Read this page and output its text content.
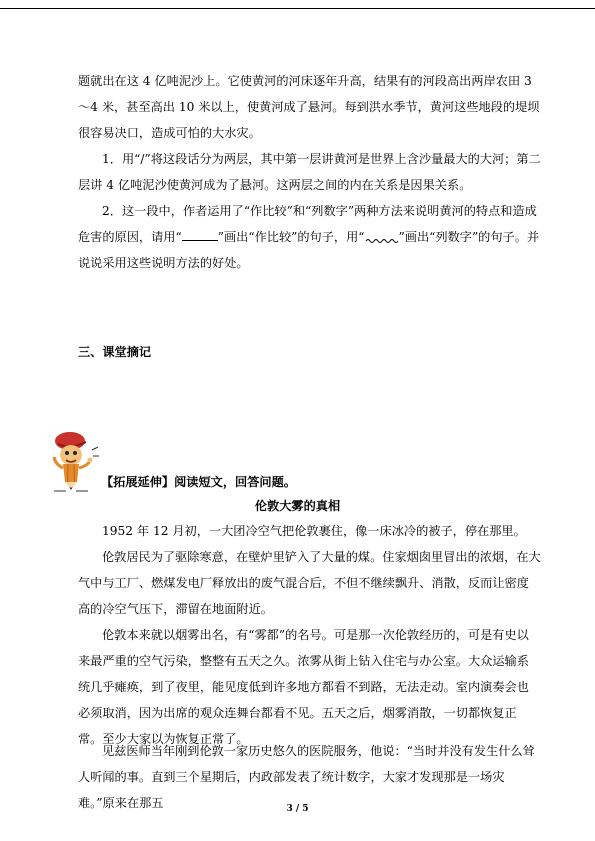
题就出在这 4 亿吨泥沙上。它使黄河的河床逐年升高，结果有的河段高出两岸农田 3～4 米，甚至高出 10 米以上，使黄河成了悬河。每到洪水季节，黄河这些地段的堤坝很容易决口，造成可怕的大水灾。
1．用“/”将这段话分为两层，其中第一层讲黄河是世界上含沙量最大的大河；第二层讲 4 亿吨泥沙使黄河成为了悬河。这两层之间的内在关系是因果关系。
2．这一段中，作者运用了“作比较”和“列数字”两种方法来说明黄河的特点和造成危害的原因，请用“	”画出“作比较”的句子，用“	”画出“列数字”的句子。并说说采用这些说明方法的好处。
三、课堂摘记
【拓展延伸】阅读短文，回答问题。
伦敦大雾的真相
1952 年 12 月初，一大团冷空气把伦敦裹住，像一床冰冷的被子，停在那里。
伦敦居民为了驱除寒意，在壁炉里铲入了大量的煤。住家烟囱里冒出的浓烟，在大气中与工厂、燃煤发电厂释放出的废气混合后，不但不继续飘升、消散，反而让密度高的冷空气压下，滞留在地面附近。
伦敦本来就以烟雾出名，有“雾都”的名号。可是那一次伦敦经历的，可是有史以来最严重的空气污染，整整有五天之久。浓雾从街上钻入住宅与办公室。大众运输系统几乎瘫痪，到了夜里，能见度低到许多地方都看不到路，无法走动。室内演奏会也必须取消，因为出席的观众连舞台都看不见。五天之后，烟雾消散，一切都恢复正常。至少大家以为恢复正常了。
见兹医师当年刚到伦敦一家历史悠久的医院服务，他说：“当时并没有发生什么耸人听闻的事。直到三个星期后，内政部发表了统计数字，大家才发现那是一场灾难。”原来在那五	3 / 5
